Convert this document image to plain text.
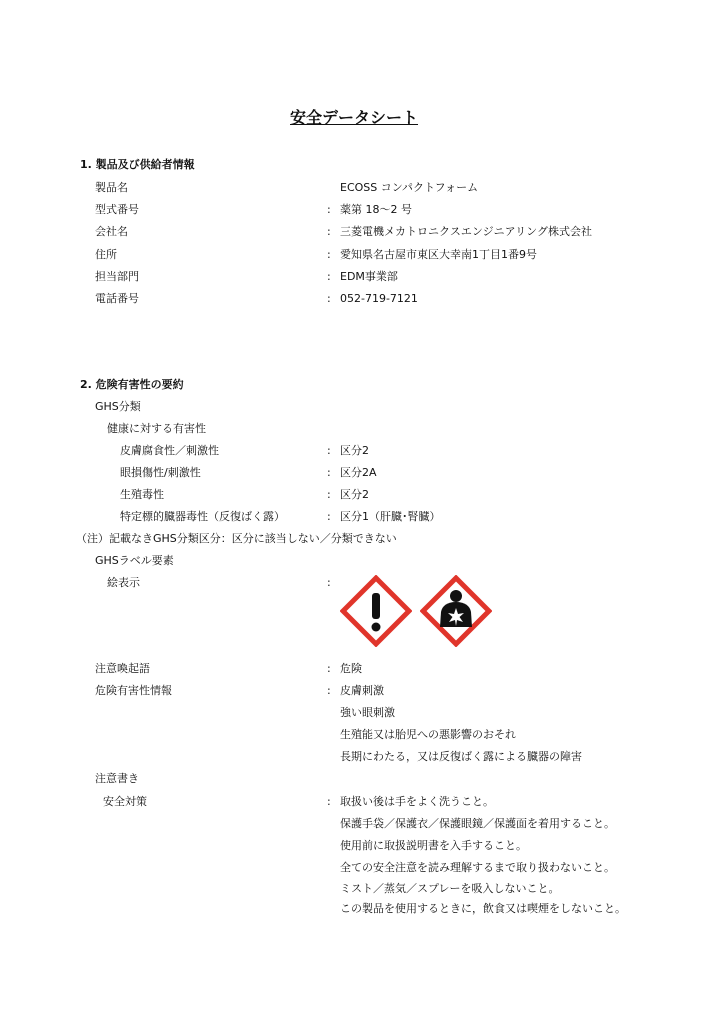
安全データシート
1. 製品及び供給者情報
製品名	ECOSS コンパクトフォーム
型式番号	: 薬第 18～2 号
会社名	: 三菱電機メカトロニクスエンジニアリング株式会社
住所	: 愛知県名古屋市東区大幸南1丁目1番9号
担当部門	: EDM事業部
電話番号	: 052-719-7121
2. 危険有害性の要約
GHS分類
健康に対する有害性
皮膚腐食性／刺激性	: 区分2
眼損傷性/刺激性	: 区分2A
生殖毒性	: 区分2
特定標的臓器毒性（反復ばく露）	: 区分1（肝臓･腎臓）
（注）記載なきGHS分類区分：区分に該当しない／分類できない
GHSラベル要素
絵表示	:
注意喚起語	: 危険
危険有害性情報	: 皮膚刺激
強い眼刺激
生殖能又は胎児への悪影響のおそれ
長期にわたる，又は反復ばく露による臓器の障害
注意書き
安全対策	: 取扱い後は手をよく洗うこと。
保護手袋／保護衣／保護眼鏡／保護面を着用すること。
使用前に取扱説明書を入手すること。
全ての安全注意を読み理解するまで取り扱わないこと。
ミスト／蒸気／スプレーを吸入しないこと。
この製品を使用するときに，飲食又は喫煙をしないこと。
